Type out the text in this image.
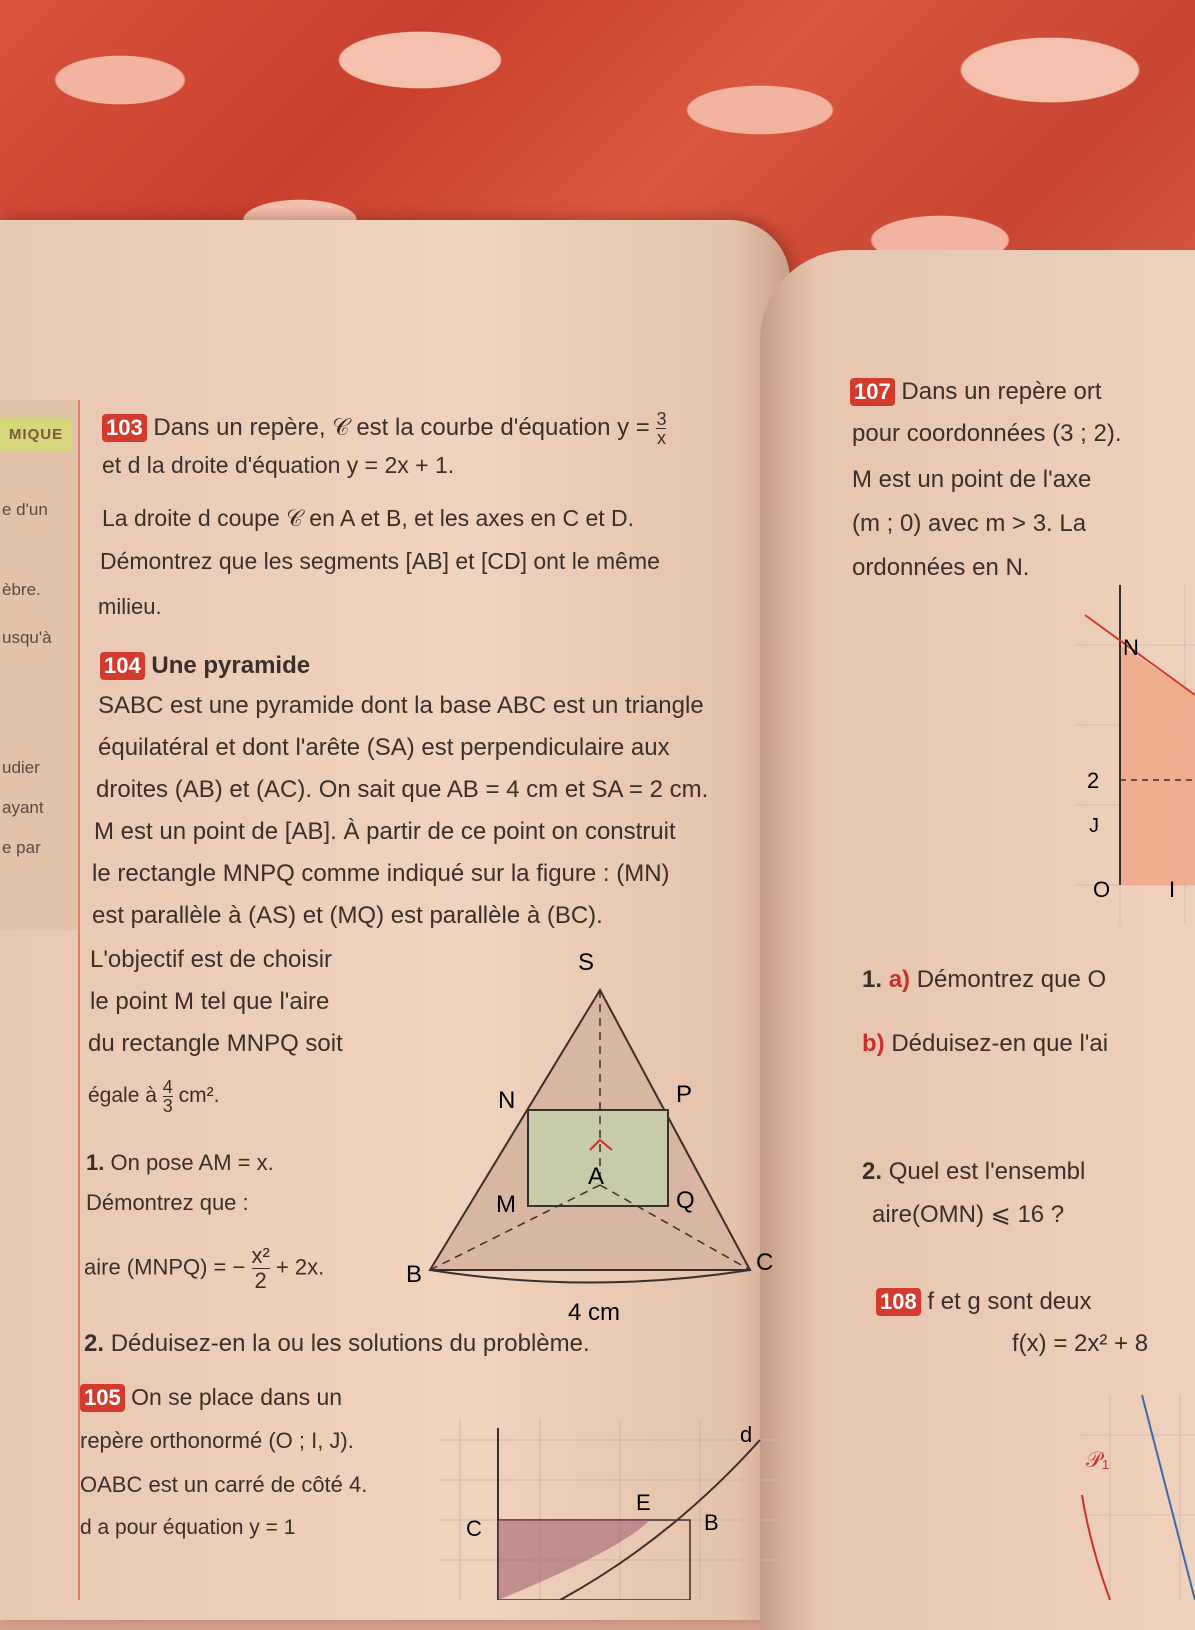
MIQUE
e d'un
èbre.
usqu'à
udier
ayant
e par
103 Dans un repère, 𝒞 est la courbe d'équation $y = \frac{3}{x}$
et d la droite d'équation y = 2x + 1.
La droite d coupe 𝒞 en A et B, et les axes en C et D.
Démontrez que les segments [AB] et [CD] ont le même
milieu.
104 Une pyramide
SABC est une pyramide dont la base ABC est un triangle
équilatéral et dont l'arête (SA) est perpendiculaire aux
droites (AB) et (AC). On sait que AB = 4 cm et SA = 2 cm.
M est un point de [AB]. À partir de ce point on construit
le rectangle MNPQ comme indiqué sur la figure : (MN)
est parallèle à (AS) et (MQ) est parallèle à (BC).
L'objectif est de choisir
le point M tel que l'aire
du rectangle MNPQ soit
égale à $\frac{4}{3} cm^2$.
1. On pose AM = x.
Démontrez que :
aire (MNPQ) = − $\frac{\text{x²}}{2} + 2x$.
2. Déduisez-en la ou les solutions du problème.
S
N	P
A
M	Q
B	C
4 cm
105 On se place dans un
repère orthonormé (O ; I, J).
OABC est un carré de côté 4.
d a pour équation y = 1
d
E
B
C
107 Dans un repère ort
pour coordonnées (3 ; 2).
M est un point de l'axe
(m ; 0) avec m > 3. La
ordonnées en N.
N
2
J
O	I
1. a) Démontrez que O
b) Déduisez-en que l'ai
2. Quel est l'ensembl
aire(OMN) ⩽ 16 ?
108 f et g sont deux
f(x) = 2x² + 8
𝒫₁
